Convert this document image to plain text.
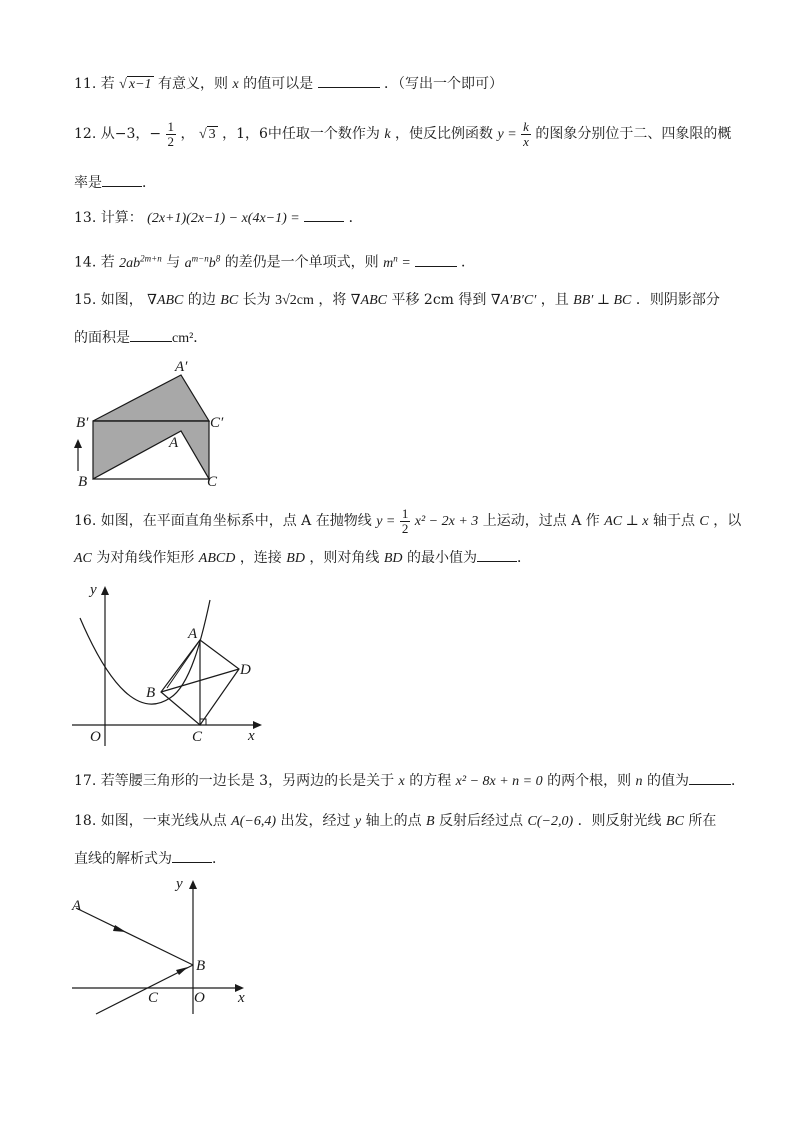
11. 若 √ x−1 有意义，则 x 的值可以是	．（写出一个即可）
12. 从−3，− $\frac{1}{2}$ ， √ 3 ，1，6中任取一个数作为 k ，使反比例函数 $y = \frac{k}{x}$ 的图象分别位于二、四象限的概
率是	．
13. 计算： (2x+1)(2x−1) − x(4x−1) =	．
14. 若 $2ab^{2m+n}$ 与 $a^{m-n}b^8$ 的差仍是一个单项式，则 $m^n$ =	．
15. 如图， ∇ABC 的边 BC 长为 3√2cm ，将 ∇ABC 平移 2cm 得到 ∇A′B′C′ ，且 BB′ ⊥ BC ．则阴影部分
的面积是	cm²．
A′
B′	C′
A
B	C
16. 如图，在平面直角坐标系中，点 A 在抛物线 $y = \frac{1}{2} x^2 - 2x + 3$ 上运动，过点 A 作 AC ⊥ x 轴于点 C ，以
AC 为对角线作矩形 ABCD ，连接 BD ，则对角线 BD 的最小值为	．
y
x
O
A
B
C
D
17. 若等腰三角形的一边长是 3，另两边的长是关于 x 的方程 x² − 8x + n = 0 的两个根，则 n 的值为	．
18. 如图，一束光线从点 A(−6,4) 出发，经过 y 轴上的点 B 反射后经过点 C(−2,0) ．则反射光线 BC 所在
直线的解析式为	．
y
x
O
A
B
C
